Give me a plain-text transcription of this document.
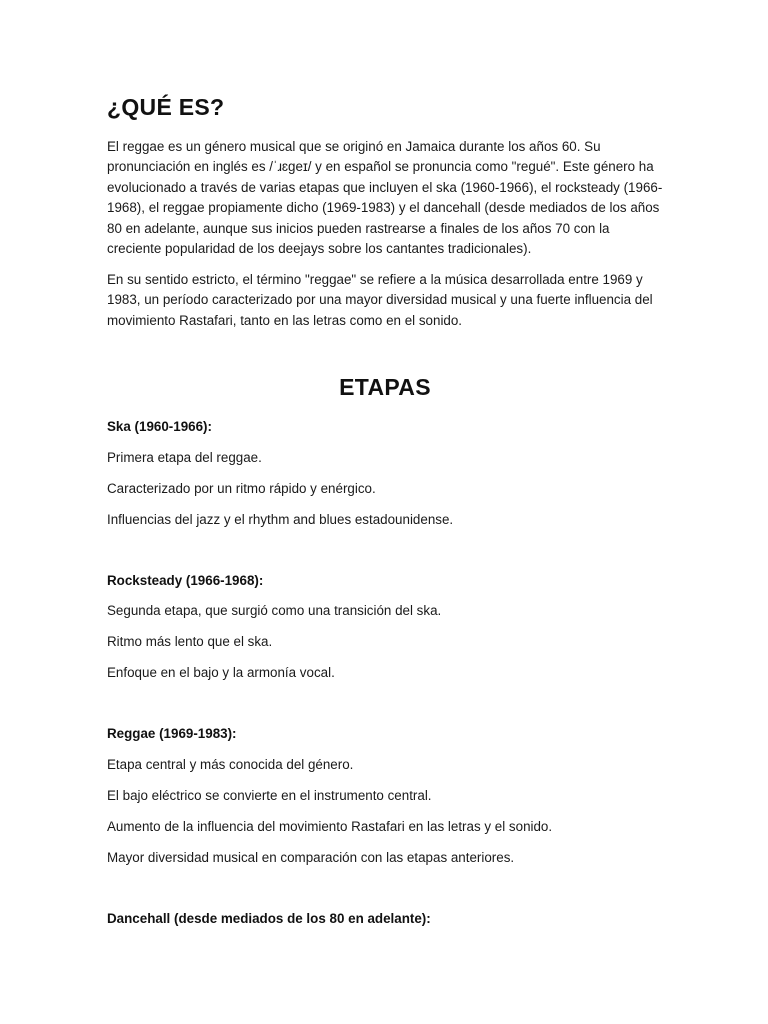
¿QUÉ ES?

El reggae es un género musical que se originó en Jamaica durante los años 60. Su pronunciación en inglés es /ˈɹɛɡeɪ/ y en español se pronuncia como "regué". Este género ha evolucionado a través de varias etapas que incluyen el ska (1960-1966), el rocksteady (1966-1968), el reggae propiamente dicho (1969-1983) y el dancehall (desde mediados de los años 80 en adelante, aunque sus inicios pueden rastrearse a finales de los años 70 con la creciente popularidad de los deejays sobre los cantantes tradicionales).

En su sentido estricto, el término "reggae" se refiere a la música desarrollada entre 1969 y 1983, un período caracterizado por una mayor diversidad musical y una fuerte influencia del movimiento Rastafari, tanto en las letras como en el sonido.

ETAPAS

Ska (1960-1966):

Primera etapa del reggae.

Caracterizado por un ritmo rápido y enérgico.

Influencias del jazz y el rhythm and blues estadounidense.

Rocksteady (1966-1968):

Segunda etapa, que surgió como una transición del ska.

Ritmo más lento que el ska.

Enfoque en el bajo y la armonía vocal.

Reggae (1969-1983):

Etapa central y más conocida del género.

El bajo eléctrico se convierte en el instrumento central.

Aumento de la influencia del movimiento Rastafari en las letras y el sonido.

Mayor diversidad musical en comparación con las etapas anteriores.

Dancehall (desde mediados de los 80 en adelante):
